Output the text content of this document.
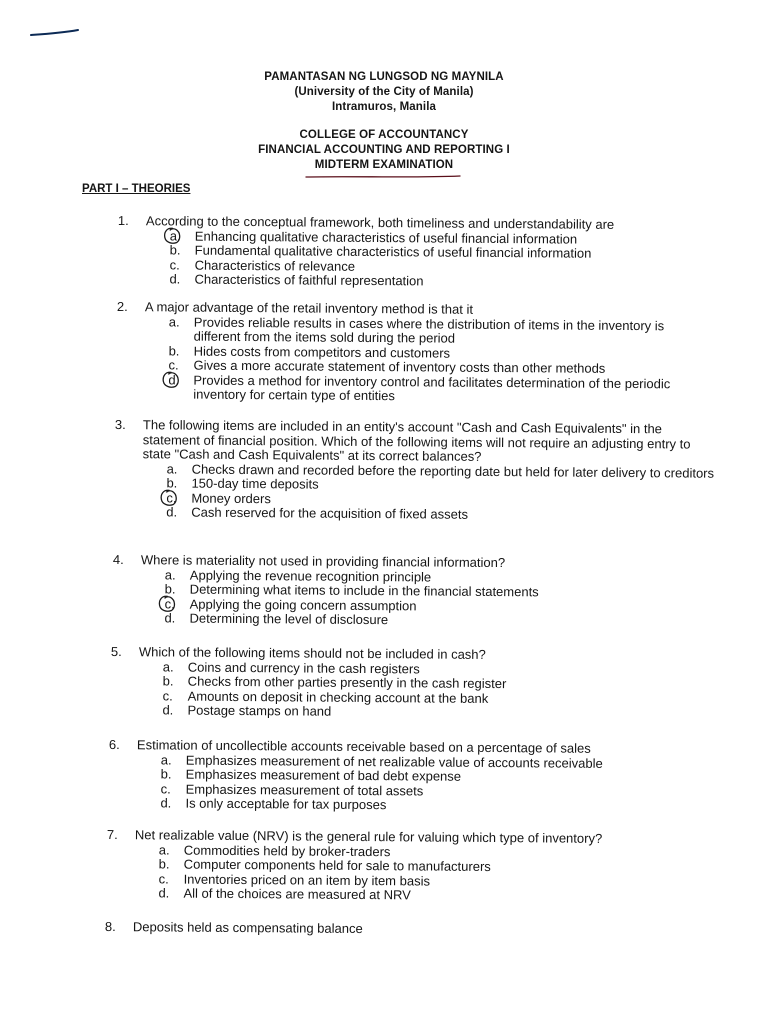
PAMANTASAN NG LUNGSOD NG MAYNILA
(University of the City of Manila)
Intramuros, Manila
COLLEGE OF ACCOUNTANCY
FINANCIAL ACCOUNTING AND REPORTING I
MIDTERM EXAMINATION
PART I – THEORIES
1.	According to the conceptual framework, both timeliness and understandability are
a.	Enhancing qualitative characteristics of useful financial information
b.	Fundamental qualitative characteristics of useful financial information
c.	Characteristics of relevance
d.	Characteristics of faithful representation
2.	A major advantage of the retail inventory method is that it
a.	Provides reliable results in cases where the distribution of items in the inventory is different from the items sold during the period
b.	Hides costs from competitors and customers
c.	Gives a more accurate statement of inventory costs than other methods
d.	Provides a method for inventory control and facilitates determination of the periodic inventory for certain type of entities
3.	The following items are included in an entity's account "Cash and Cash Equivalents" in the statement of financial position. Which of the following items will not require an adjusting entry to state "Cash and Cash Equivalents" at its correct balances?
a.	Checks drawn and recorded before the reporting date but held for later delivery to creditors
b.	150-day time deposits
c.	Money orders
d.	Cash reserved for the acquisition of fixed assets
4.	Where is materiality not used in providing financial information?
a.	Applying the revenue recognition principle
b.	Determining what items to include in the financial statements
c.	Applying the going concern assumption
d.	Determining the level of disclosure
5.	Which of the following items should not be included in cash?
a.	Coins and currency in the cash registers
b.	Checks from other parties presently in the cash register
c.	Amounts on deposit in checking account at the bank
d.	Postage stamps on hand
6.	Estimation of uncollectible accounts receivable based on a percentage of sales
a.	Emphasizes measurement of net realizable value of accounts receivable
b.	Emphasizes measurement of bad debt expense
c.	Emphasizes measurement of total assets
d.	Is only acceptable for tax purposes
7.	Net realizable value (NRV) is the general rule for valuing which type of inventory?
a.	Commodities held by broker-traders
b.	Computer components held for sale to manufacturers
c.	Inventories priced on an item by item basis
d.	All of the choices are measured at NRV
8.	Deposits held as compensating balance
